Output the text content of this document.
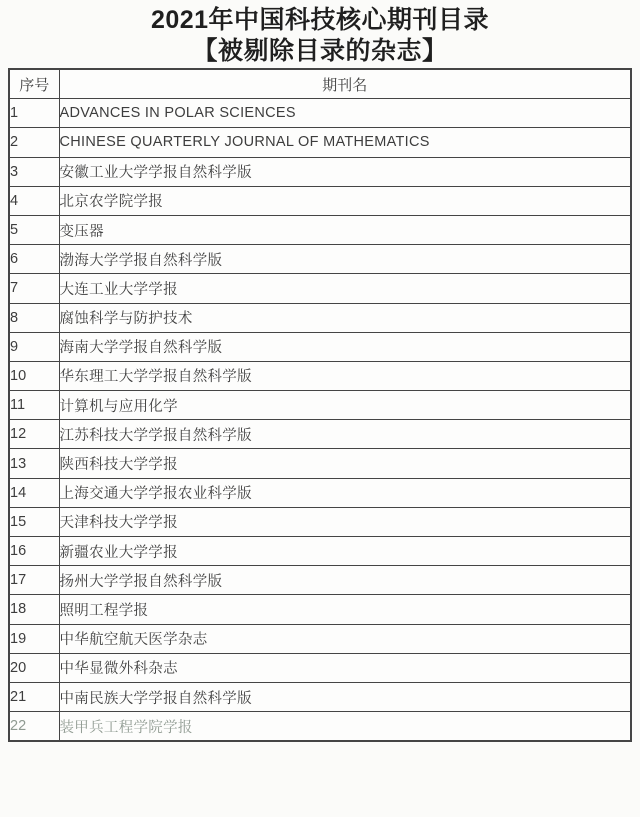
2021年中国科技核心期刊目录
【被剔除目录的杂志】
序号	期刊名
1	ADVANCES IN POLAR SCIENCES
2	CHINESE QUARTERLY JOURNAL OF MATHEMATICS
3	安徽工业大学学报自然科学版
4	北京农学院学报
5	变压器
6	渤海大学学报自然科学版
7	大连工业大学学报
8	腐蚀科学与防护技术
9	海南大学学报自然科学版
10	华东理工大学学报自然科学版
11	计算机与应用化学
12	江苏科技大学学报自然科学版
13	陕西科技大学学报
14	上海交通大学学报农业科学版
15	天津科技大学学报
16	新疆农业大学学报
17	扬州大学学报自然科学版
18	照明工程学报
19	中华航空航天医学杂志
20	中华显微外科杂志
21	中南民族大学学报自然科学版
22	装甲兵工程学院学报
